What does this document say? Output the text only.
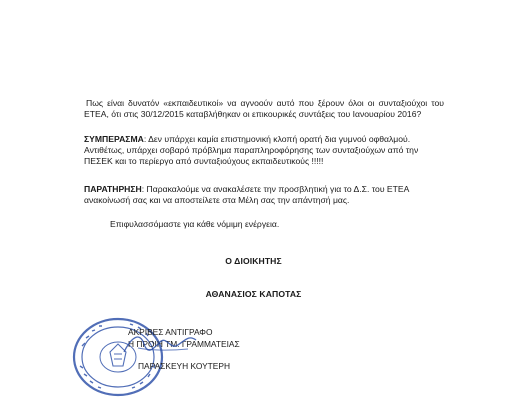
Πως είναι δυνατόν «εκπαιδευτικοί» να αγνοούν αυτό που ξέρουν όλοι οι συνταξιούχοι του ΕΤΕΑ, ότι στις 30/12/2015 καταβλήθηκαν οι επικουρικές συντάξεις του Ιανουαρίου 2016?

ΣΥΜΠΕΡΑΣΜΑ: Δεν υπάρχει καμία επιστημονική κλοπή ορατή δια γυμνού οφθαλμού. Αντιθέτως, υπάρχει σοβαρό πρόβλημα παραπληροφόρησης των συνταξιούχων από την ΠΕΣΕΚ και το περίεργο από συνταξιούχους εκπαιδευτικούς !!!!!

ΠΑΡΑΤΗΡΗΣΗ: Παρακαλούμε να ανακαλέσετε την προσβλητική για το Δ.Σ. του ΕΤΕΑ ανακοίνωσή σας και να αποστείλετε στα Μέλη σας την απάντησή μας.

Επιφυλασσόμαστε για κάθε νόμιμη ενέργεια.

Ο ΔΙΟΙΚΗΤΗΣ
ΑΘΑΝΑΣΙΟΣ ΚΑΠΟΤΑΣ
ΑΚΡΙΒΕΣ ΑΝΤΙΓΡΑΦΟ
Η ΠΡΟΙΗ ΤΜ. ΓΡΑΜΜΑΤΕΙΑΣ
ΠΑΡΑΣΚΕΥΗ ΚΟΥΤΕΡΗ
